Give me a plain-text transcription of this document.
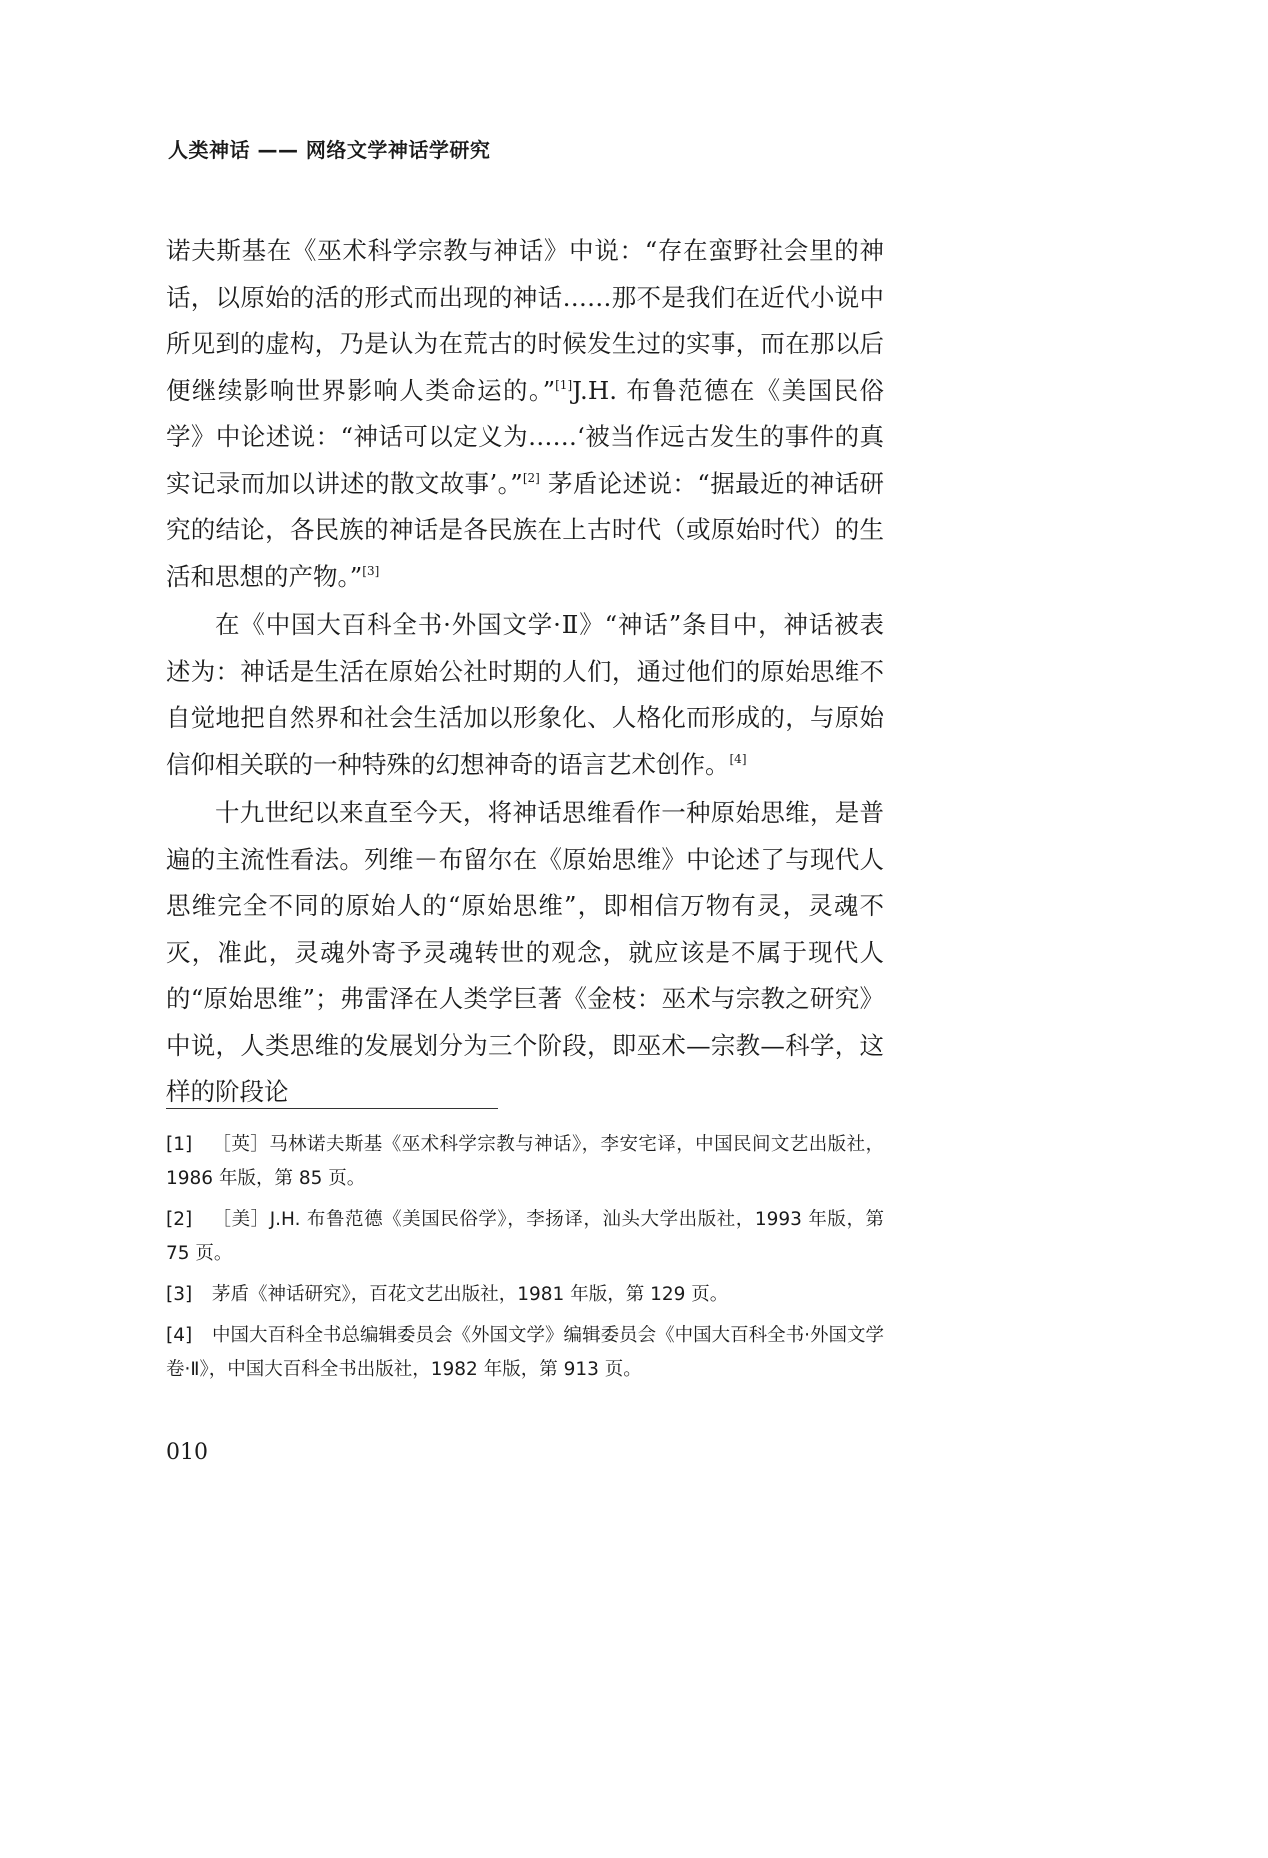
人类神话 —— 网络文学神话学研究

诺夫斯基在《巫术科学宗教与神话》中说：“存在蛮野社会里的神话，以原始的活的形式而出现的神话……那不是我们在近代小说中所见到的虚构，乃是认为在荒古的时候发生过的实事，而在那以后便继续影响世界影响人类命运的。”[1]J.H. 布鲁范德在《美国民俗学》中论述说：“神话可以定义为……‘被当作远古发生的事件的真实记录而加以讲述的散文故事’。”[2] 茅盾论述说：“据最近的神话研究的结论，各民族的神话是各民族在上古时代（或原始时代）的生活和思想的产物。”[3]

在《中国大百科全书·外国文学·Ⅱ》“神话”条目中，神话被表述为：神话是生活在原始公社时期的人们，通过他们的原始思维不自觉地把自然界和社会生活加以形象化、人格化而形成的，与原始信仰相关联的一种特殊的幻想神奇的语言艺术创作。[4]

十九世纪以来直至今天，将神话思维看作一种原始思维，是普遍的主流性看法。列维－布留尔在《原始思维》中论述了与现代人思维完全不同的原始人的“原始思维”，即相信万物有灵，灵魂不灭，准此，灵魂外寄予灵魂转世的观念，就应该是不属于现代人的“原始思维”；弗雷泽在人类学巨著《金枝：巫术与宗教之研究》中说，人类思维的发展划分为三个阶段，即巫术—宗教—科学，这样的阶段论

[1] ［英］马林诺夫斯基《巫术科学宗教与神话》，李安宅译，中国民间文艺出版社，1986 年版，第 85 页。
[2] ［美］J.H. 布鲁范德《美国民俗学》，李扬译，汕头大学出版社，1993 年版，第 75 页。
[3] 茅盾《神话研究》，百花文艺出版社，1981 年版，第 129 页。
[4] 中国大百科全书总编辑委员会《外国文学》编辑委员会《中国大百科全书·外国文学卷·Ⅱ》，中国大百科全书出版社，1982 年版，第 913 页。
010
